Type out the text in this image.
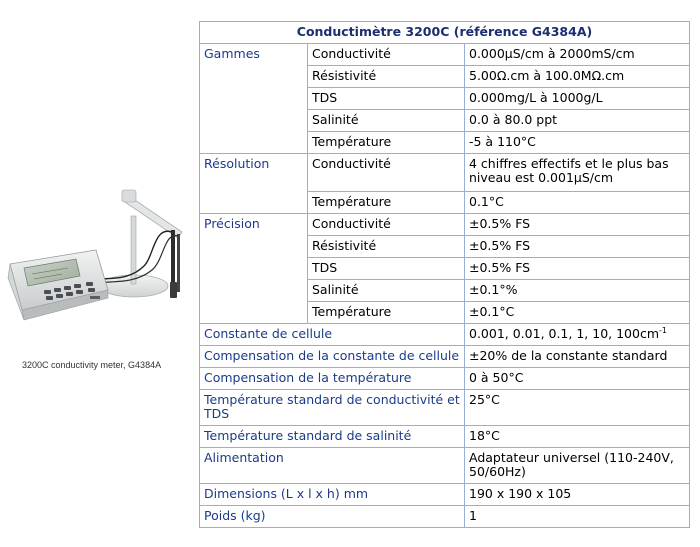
3200C conductivity meter, G4384A
Conductimètre 3200C (référence G4384A)		
Gammes	Conductivité	0.000µS/cm à 2000mS/cm
	Résistivité	5.00Ω.cm à 100.0MΩ.cm
	TDS	0.000mg/L à 1000g/L
	Salinité	0.0 à 80.0 ppt
	Température	-5 à 110°C
Résolution	Conductivité	4 chiffres effectifs et le plus bas niveau est 0.001µS/cm
	Température	0.1°C
Précision	Conductivité	±0.5% FS
	Résistivité	±0.5% FS
	TDS	±0.5% FS
	Salinité	±0.1°%
	Température	±0.1°C
Constante de cellule		0.001, 0.01, 0.1, 1, 10, $100cm^{-1}$
Compensation de la constante de cellule		±20% de la constante standard
Compensation de la température		0 à 50°C
Température standard de conductivité et TDS		25°C
Température standard de salinité		18°C
Alimentation		Adaptateur universel (110-240V, 50/60Hz)
Dimensions (L x l x h) mm		190 x 190 x 105
Poids (kg)		1
